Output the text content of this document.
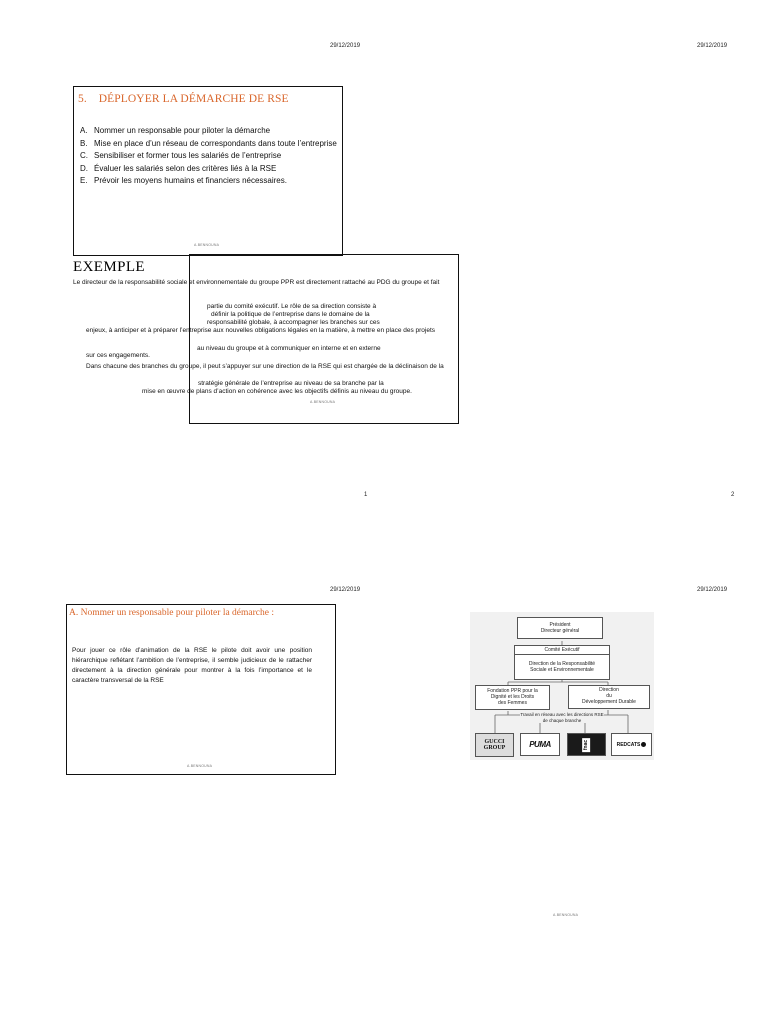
29/12/2019	29/12/2019
5. DÉPLOYER LA DÉMARCHE DE RSE
A. Nommer un responsable pour piloter la démarche
B. Mise en place d’un réseau de correspondants dans toute l’entreprise
C. Sensibiliser et former tous les salariés de l’entreprise
D. Évaluer les salariés selon des critères liés à la RSE
E. Prévoir les moyens humains et financiers nécessaires.
A.BENNOUNA
A.BENNOUNA
EXEMPLE
Le directeur de la responsabilité sociale et environnementale du groupe PPR est directement rattaché au PDG du groupe et fait
partie du comité exécutif. Le rôle de sa direction consiste à
définir la politique de l’entreprise dans le domaine de la
responsabilité globale, à accompagner les branches sur ces
enjeux, à anticiper et à préparer l’entreprise aux nouvelles obligations légales en la matière, à mettre en place des projets
au niveau du groupe et à communiquer en interne et en externe
sur ces engagements.
Dans chacune des branches du groupe, il peut s’appuyer sur une direction de la RSE qui est chargée de la déclinaison de la
stratégie générale de l’entreprise au niveau de sa branche par la
mise en œuvre de plans d’action en cohérence avec les objectifs définis au niveau du groupe.
1	2
29/12/2019	29/12/2019
A. Nommer un responsable pour piloter la démarche :
Pour jouer ce rôle d’animation de la RSE le pilote doit avoir une position hiérarchique reflétant l’ambition de l’entreprise, il semble judicieux de le rattacher directement à la direction générale pour montrer à la fois l’importance et le caractère transversal de la RSE
A.BENNOUNA
Président
Directeur général
Comité Exécutif
Direction de la Responsabilité
Sociale et Environnementale
Fondation PPR pour la
Dignité et les Droits
des Femmes
Direction
du
Développement Durable
Travail en réseau avec les directions RSE
de chaque branche
GUCCI
GROUP	PUMA	fnac	REDCATS
A.BENNOUNA
